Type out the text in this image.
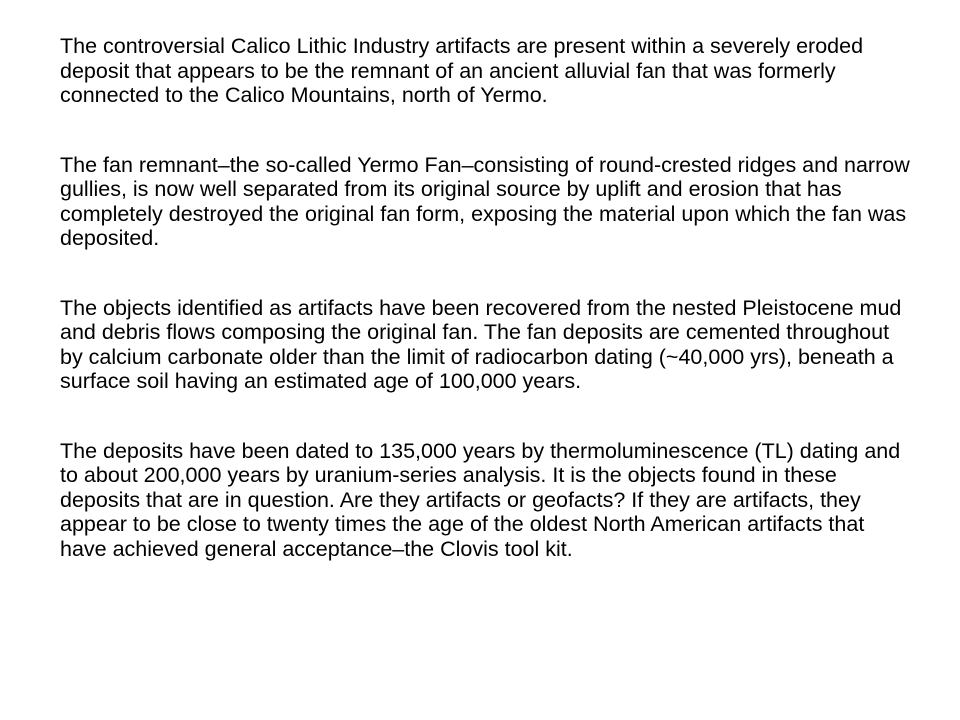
The controversial Calico Lithic Industry artifacts are present within a severely eroded deposit that appears to be the remnant of an ancient alluvial fan that was formerly connected to the Calico Mountains, north of Yermo.

The fan remnant–the so-called Yermo Fan–consisting of round-crested ridges and narrow gullies, is now well separated from its original source by uplift and erosion that has completely destroyed the original fan form, exposing the material upon which the fan was deposited.

The objects identified as artifacts have been recovered from the nested Pleistocene mud and debris flows composing the original fan. The fan deposits are cemented throughout by calcium carbonate older than the limit of radiocarbon dating (~40,000 yrs), beneath a surface soil having an estimated age of 100,000 years.

The deposits have been dated to 135,000 years by thermoluminescence (TL) dating and to about 200,000 years by uranium-series analysis. It is the objects found in these deposits that are in question. Are they artifacts or geofacts? If they are artifacts, they appear to be close to twenty times the age of the oldest North American artifacts that have achieved general acceptance–the Clovis tool kit.
